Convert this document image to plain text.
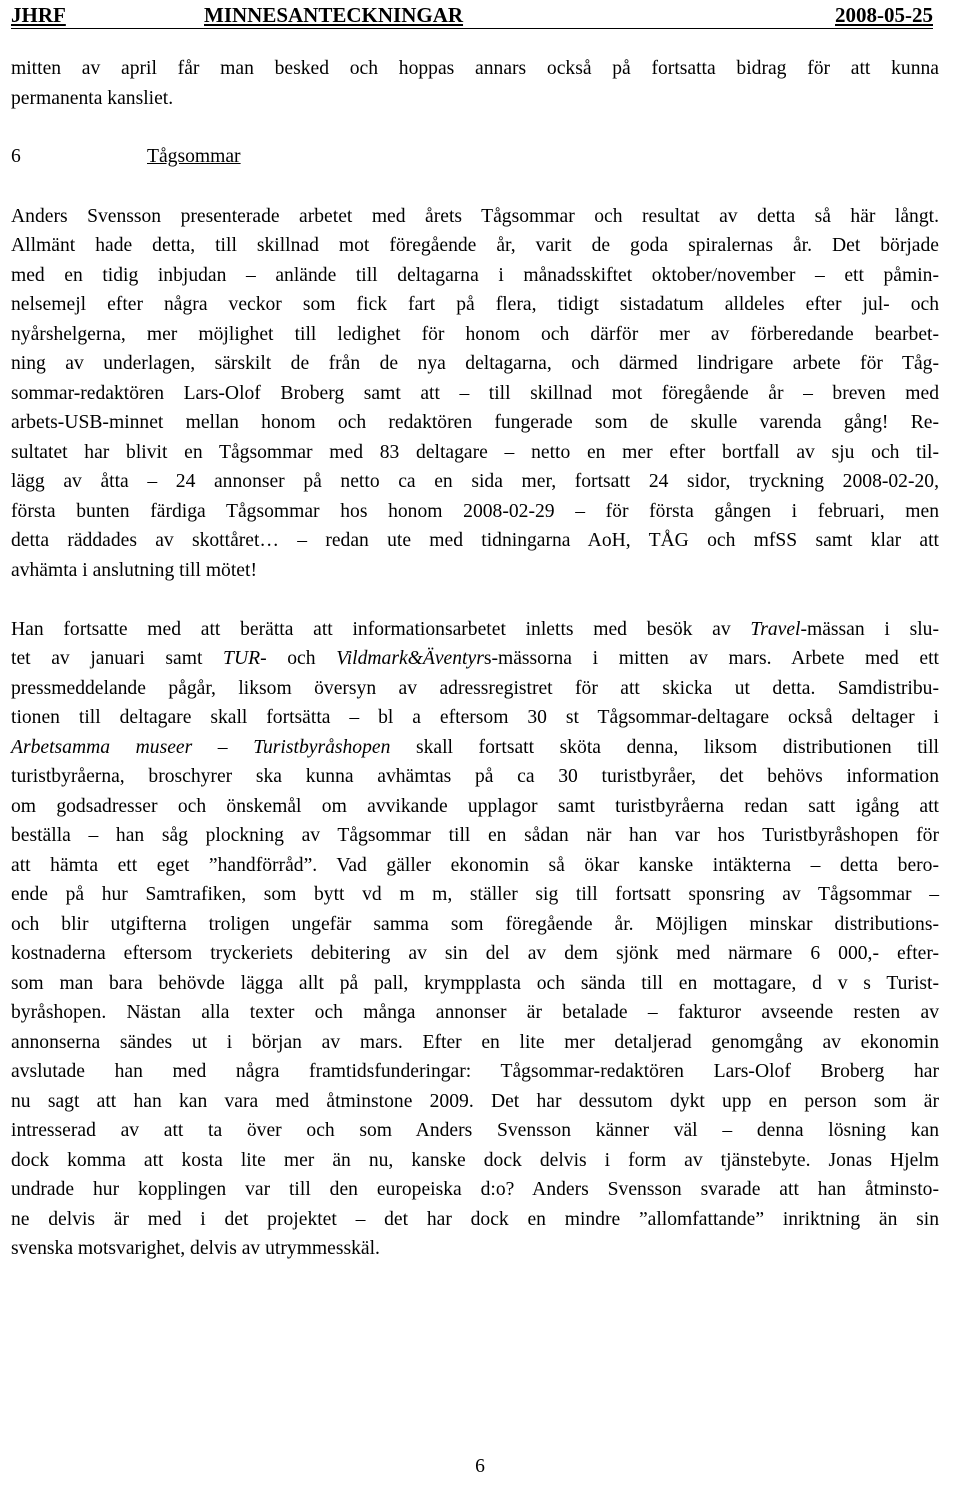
JHRF	MINNESANTECKNINGAR	2008-05-25

mitten av april får man besked och hoppas annars också på fortsatta bidrag för att kunna
permanenta kansliet.

6	Tågsommar

Anders Svensson presenterade arbetet med årets Tågsommar och resultat av detta så här långt.
Allmänt hade detta, till skillnad mot föregående år, varit de goda spiralernas år. Det började
med en tidig inbjudan – anlände till deltagarna i månadsskiftet oktober/november – ett påmin-
nelsemejl efter några veckor som fick fart på flera, tidigt sistadatum alldeles efter jul- och
nyårshelgerna, mer möjlighet till ledighet för honom och därför mer av förberedande bearbet-
ning av underlagen, särskilt de från de nya deltagarna, och därmed lindrigare arbete för Tåg-
sommar-redaktören Lars-Olof Broberg samt att – till skillnad mot föregående år – breven med
arbets-USB-minnet mellan honom och redaktören fungerade som de skulle varenda gång! Re-
sultatet har blivit en Tågsommar med 83 deltagare – netto en mer efter bortfall av sju och til-
lägg av åtta – 24 annonser på netto ca en sida mer, fortsatt 24 sidor, tryckning 2008-02-20,
första bunten färdiga Tågsommar hos honom 2008-02-29 – för första gången i februari, men
detta räddades av skottåret… – redan ute med tidningarna AoH, TÅG och mfSS samt klar att
avhämta i anslutning till mötet!

Han fortsatte med att berätta att informationsarbetet inletts med besök av Travel-mässan i slu-
tet av januari samt TUR- och Vildmark&Äventyrs-mässorna i mitten av mars. Arbete med ett
pressmeddelande pågår, liksom översyn av adressregistret för att skicka ut detta. Samdistribu-
tionen till deltagare skall fortsätta – bl a eftersom 30 st Tågsommar-deltagare också deltager i
Arbetsamma museer – Turistbyråshopen skall fortsatt sköta denna, liksom distributionen till
turistbyråerna, broschyrer ska kunna avhämtas på ca 30 turistbyråer, det behövs information
om godsadresser och önskemål om avvikande upplagor samt turistbyråerna redan satt igång att
beställa – han såg plockning av Tågsommar till en sådan när han var hos Turistbyråshopen för
att hämta ett eget ”handförråd”. Vad gäller ekonomin så ökar kanske intäkterna – detta bero-
ende på hur Samtrafiken, som bytt vd m m, ställer sig till fortsatt sponsring av Tågsommar –
och blir utgifterna troligen ungefär samma som föregående år. Möjligen minskar distributions-
kostnaderna eftersom tryckeriets debitering av sin del av dem sjönk med närmare 6 000,- efter-
som man bara behövde lägga allt på pall, krympplasta och sända till en mottagare, d v s Turist-
byråshopen. Nästan alla texter och många annonser är betalade – fakturor avseende resten av
annonserna sändes ut i början av mars. Efter en lite mer detaljerad genomgång av ekonomin
avslutade han med några framtidsfunderingar: Tågsommar-redaktören Lars-Olof Broberg har
nu sagt att han kan vara med åtminstone 2009. Det har dessutom dykt upp en person som är
intresserad av att ta över och som Anders Svensson känner väl – denna lösning kan
dock komma att kosta lite mer än nu, kanske dock delvis i form av tjänstebyte. Jonas Hjelm
undrade hur kopplingen var till den europeiska d:o? Anders Svensson svarade att han åtminsto-
ne delvis är med i det projektet – det har dock en mindre ”allomfattande” inriktning än sin
svenska motsvarighet, delvis av utrymmesskäl.

6
